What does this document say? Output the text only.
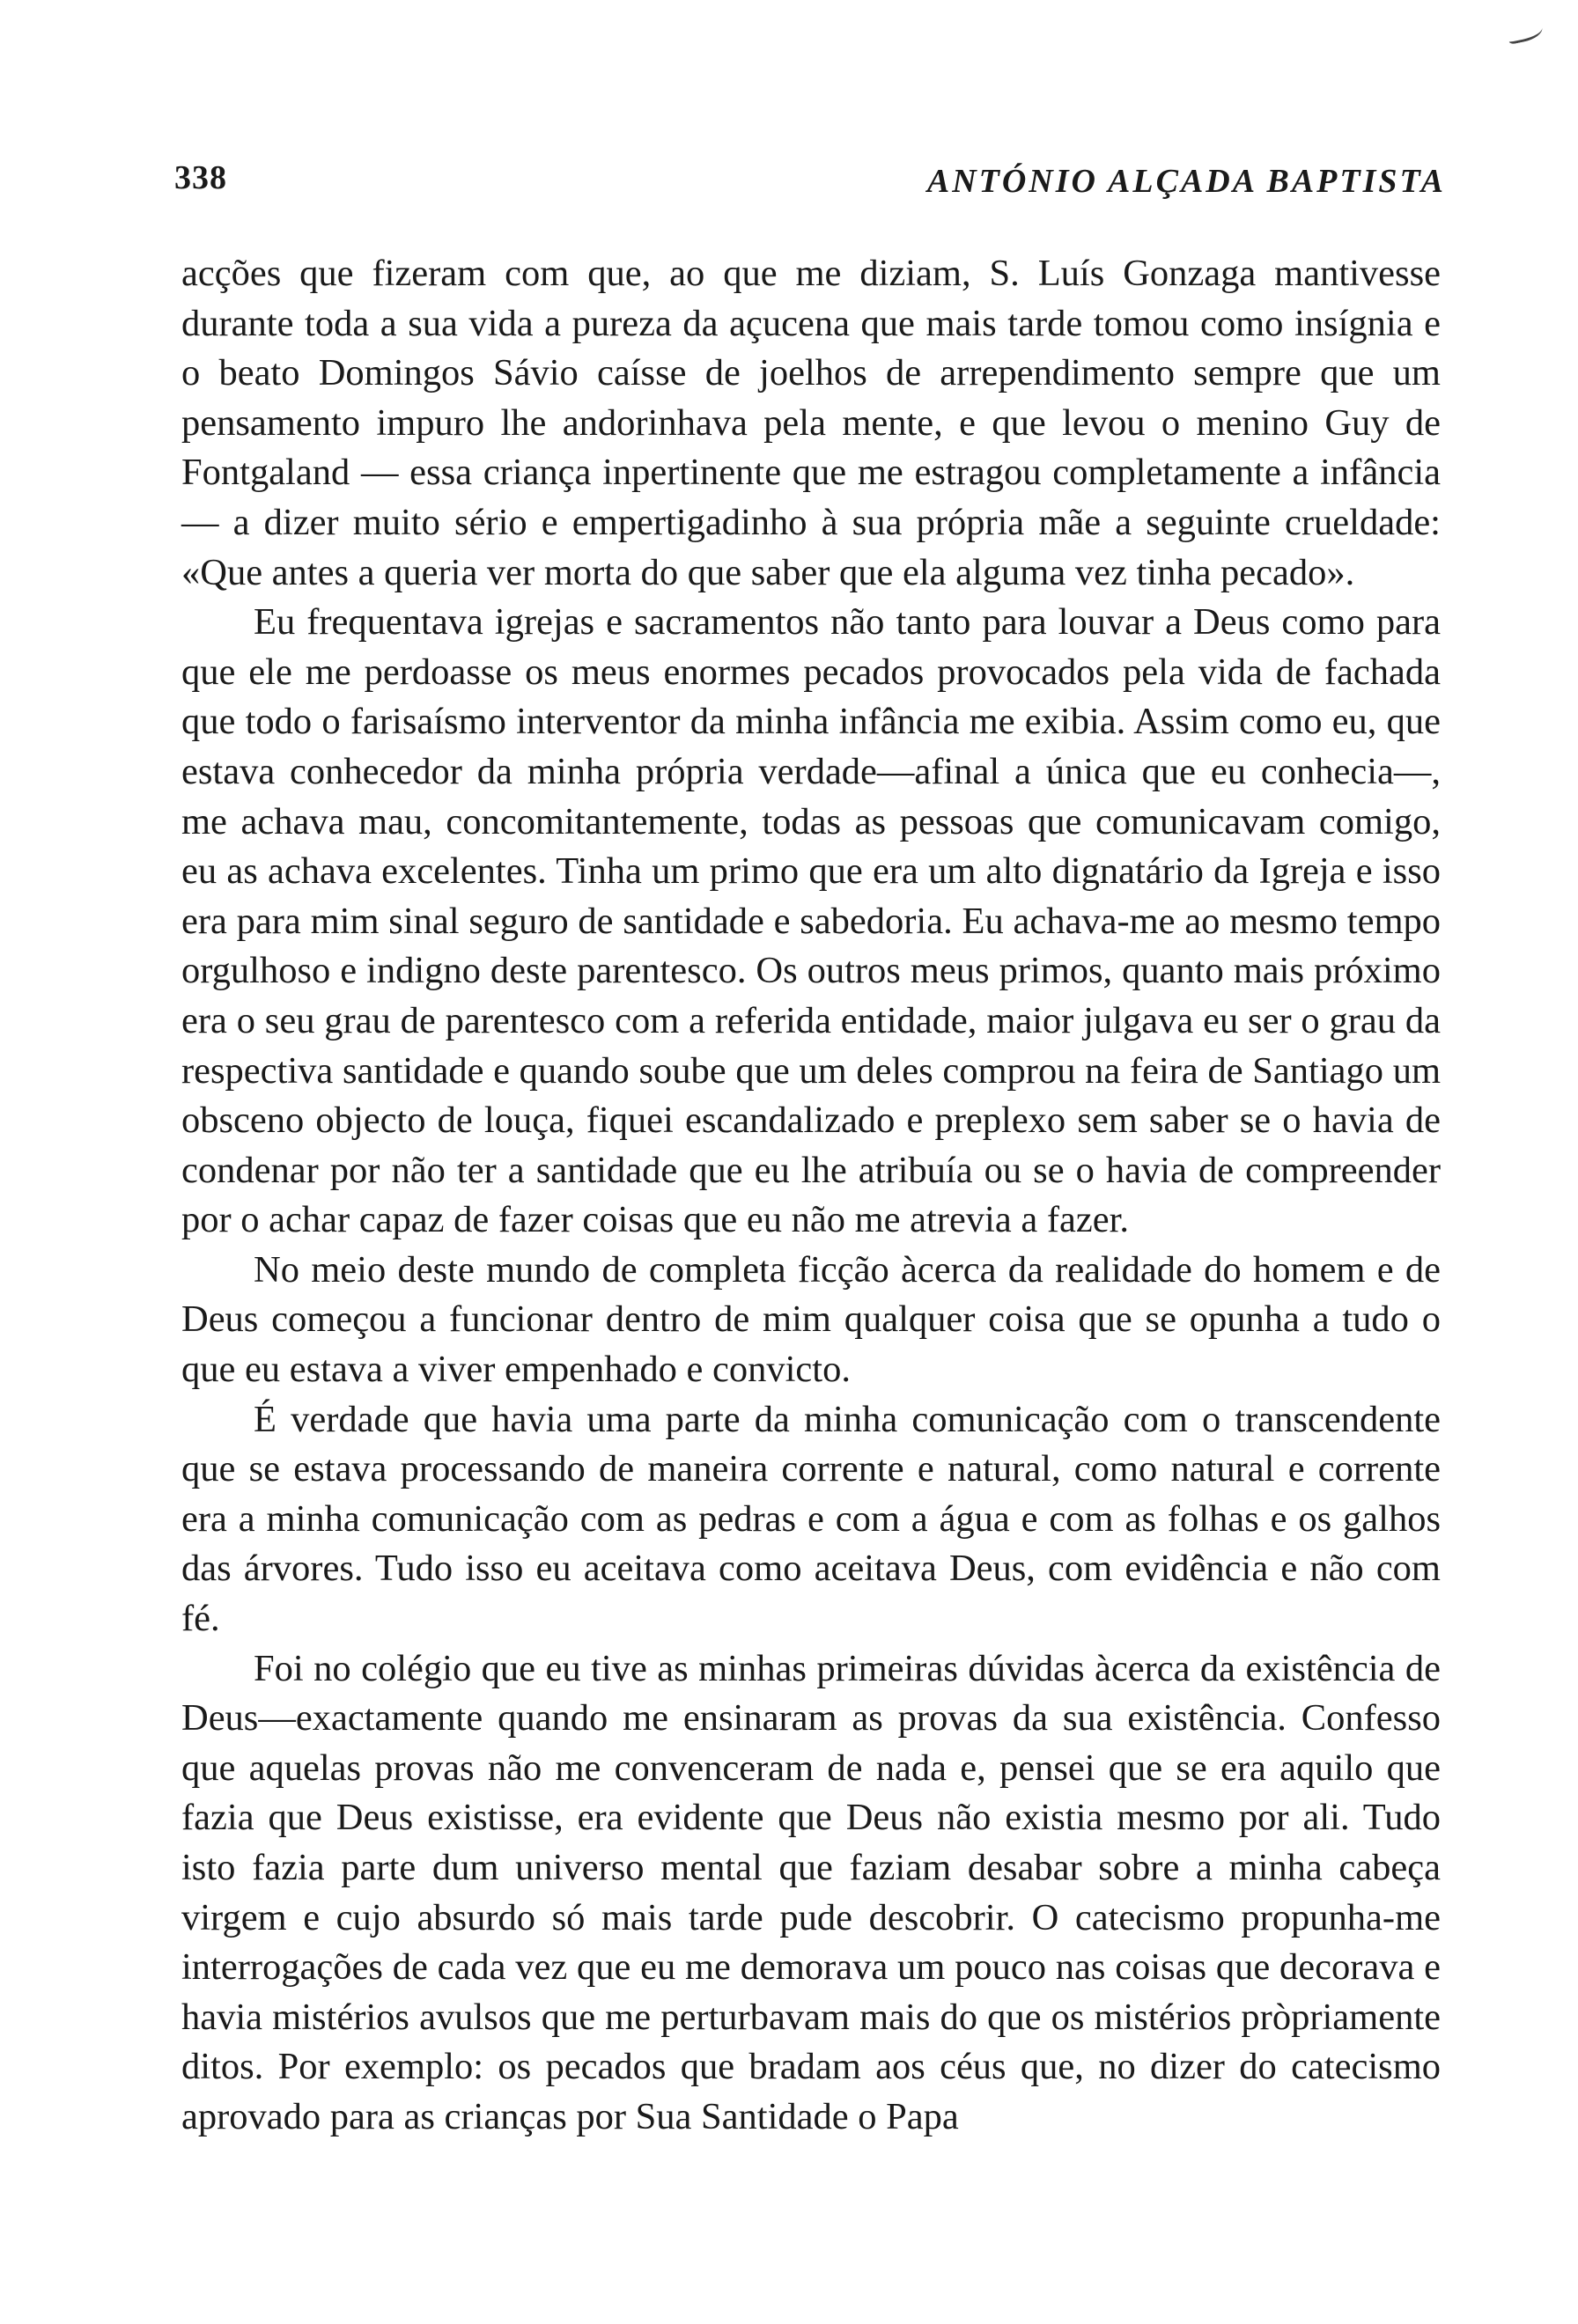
338	ANTÓNIO ALÇADA BAPTISTA

acções que fizeram com que, ao que me diziam, S. Luís Gonzaga mantivesse durante toda a sua vida a pureza da açucena que mais tarde tomou como insígnia e o beato Domingos Sávio caísse de joelhos de arrependimento sempre que um pensamento impuro lhe andorinhava pela mente, e que levou o menino Guy de Fontgaland — essa criança inpertinente que me estragou completamente a infância — a dizer muito sério e empertigadinho à sua própria mãe a seguinte crueldade: «Que antes a queria ver morta do que saber que ela alguma vez tinha pecado».

Eu frequentava igrejas e sacramentos não tanto para louvar a Deus como para que ele me perdoasse os meus enormes pecados provocados pela vida de fachada que todo o farisaísmo interventor da minha infância me exibia. Assim como eu, que estava conhecedor da minha própria verdade—afinal a única que eu conhecia—, me achava mau, concomitantemente, todas as pessoas que comunicavam comigo, eu as achava excelentes. Tinha um primo que era um alto dignatário da Igreja e isso era para mim sinal seguro de santidade e sabedoria. Eu achava-me ao mesmo tempo orgulhoso e indigno deste parentesco. Os outros meus primos, quanto mais próximo era o seu grau de parentesco com a referida entidade, maior julgava eu ser o grau da respectiva santidade e quando soube que um deles comprou na feira de Santiago um obsceno objecto de louça, fiquei escandalizado e preplexo sem saber se o havia de condenar por não ter a santidade que eu lhe atribuía ou se o havia de compreender por o achar capaz de fazer coisas que eu não me atrevia a fazer.

No meio deste mundo de completa ficção àcerca da realidade do homem e de Deus começou a funcionar dentro de mim qualquer coisa que se opunha a tudo o que eu estava a viver empenhado e convicto.

É verdade que havia uma parte da minha comunicação com o transcendente que se estava processando de maneira corrente e natural, como natural e corrente era a minha comunicação com as pedras e com a água e com as folhas e os galhos das árvores. Tudo isso eu aceitava como aceitava Deus, com evidência e não com fé.

Foi no colégio que eu tive as minhas primeiras dúvidas àcerca da existência de Deus—exactamente quando me ensinaram as provas da sua existência. Confesso que aquelas provas não me convenceram de nada e, pensei que se era aquilo que fazia que Deus existisse, era evidente que Deus não existia mesmo por ali. Tudo isto fazia parte dum universo mental que faziam desabar sobre a minha cabeça virgem e cujo absurdo só mais tarde pude descobrir. O catecismo propunha-me interrogações de cada vez que eu me demorava um pouco nas coisas que decorava e havia mistérios avulsos que me perturbavam mais do que os mistérios pròpriamente ditos. Por exemplo: os pecados que bradam aos céus que, no dizer do catecismo aprovado para as crianças por Sua Santidade o Papa
